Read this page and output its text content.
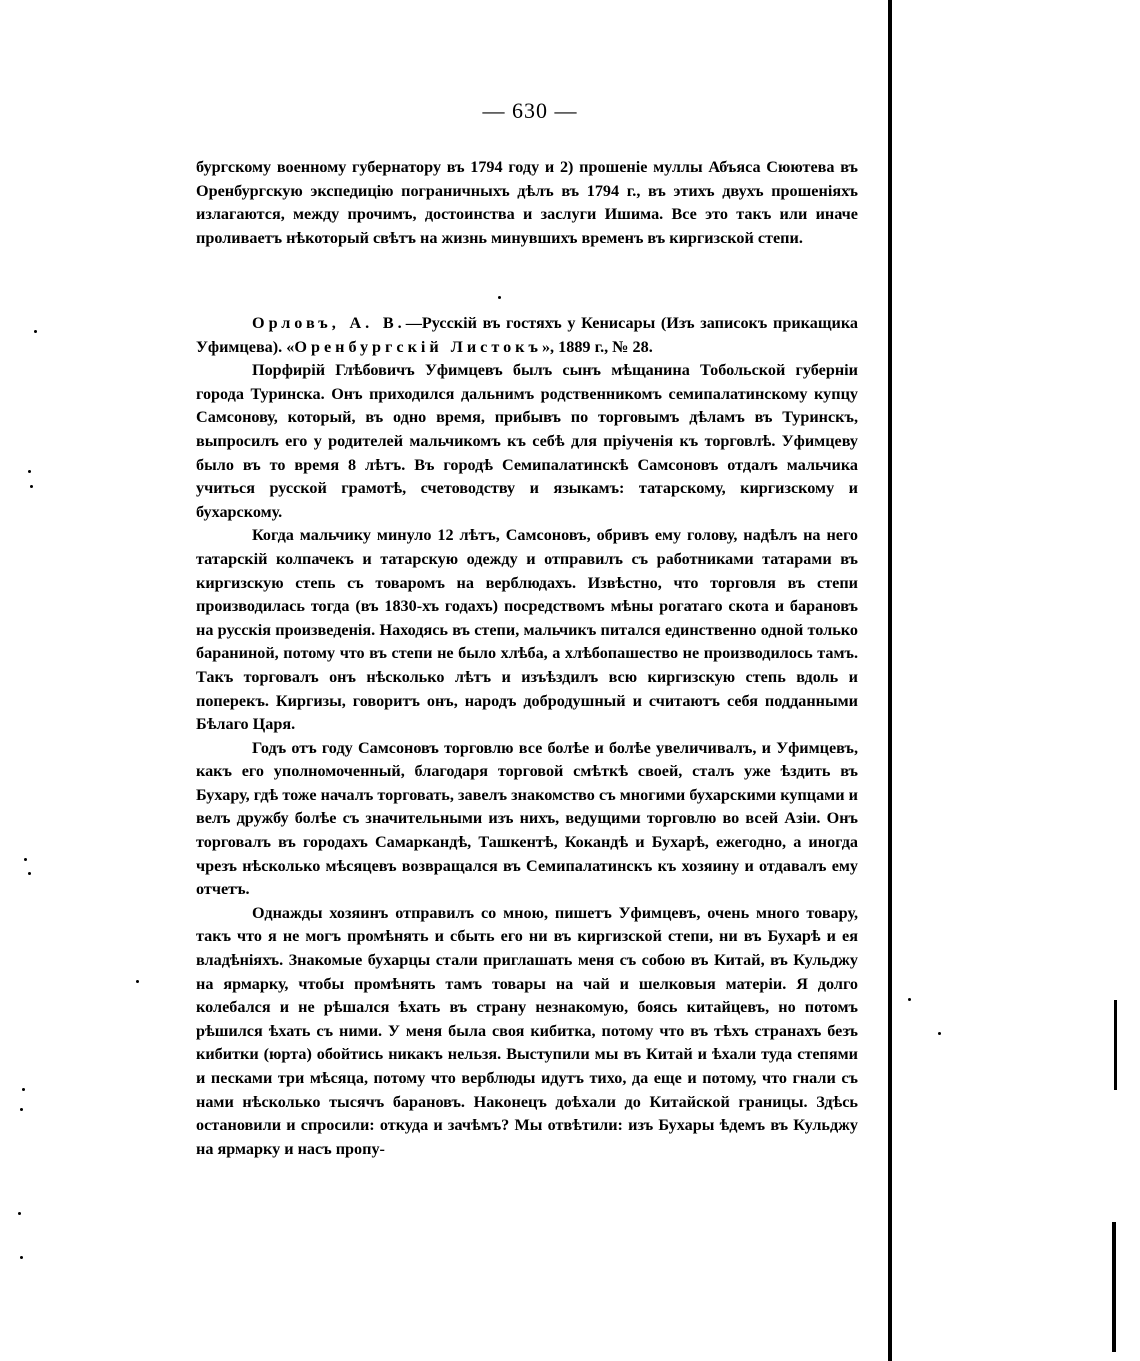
— 630 —

бургскому военному губернатору въ 1794 году и 2) прошеніе муллы Абъяса Сюютева въ Оренбургскую экспедицію пограничныхъ дѣлъ въ 1794 г., въ этихъ двухъ прошеніяхъ излагаются, между прочимъ, достоинства и заслуги Ишима. Все это такъ или иначе проливаетъ нѣкоторый свѣтъ на жизнь минувшихъ временъ въ киргизской степи.

Орловъ, А. В.—Русскій въ гостяхъ у Кенисары (Изъ записокъ прикащика Уфимцева). «Оренбургскій Листокъ», 1889 г., № 28.

Порфирій Глѣбовичъ Уфимцевъ былъ сынъ мѣщанина Тобольской губерніи города Туринска. Онъ приходился дальнимъ родственникомъ семипалатинскому купцу Самсонову, который, въ одно время, прибывъ по торговымъ дѣламъ въ Туринскъ, выпросилъ его у родителей мальчикомъ къ себѣ для пріученія къ торговлѣ. Уфимцеву было въ то время 8 лѣтъ. Въ городѣ Семипалатинскѣ Самсоновъ отдалъ мальчика учиться русской грамотѣ, счетоводству и языкамъ: татарскому, киргизскому и бухарскому.

Когда мальчику минуло 12 лѣтъ, Самсоновъ, обривъ ему голову, надѣлъ на него татарскій колпачекъ и татарскую одежду и отправилъ съ работниками татарами въ киргизскую степь съ товаромъ на верблюдахъ. Извѣстно, что торговля въ степи производилась тогда (въ 1830-хъ годахъ) посредствомъ мѣны рогатаго скота и барановъ на русскія произведенія. Находясь въ степи, мальчикъ питался единственно одной только бараниной, потому что въ степи не было хлѣба, а хлѣбопашество не производилось тамъ. Такъ торговалъ онъ нѣсколько лѣтъ и изъѣздилъ всю киргизскую степь вдоль и поперекъ. Киргизы, говоритъ онъ, народъ добродушный и считаютъ себя подданными Бѣлаго Царя.

Годъ отъ году Самсоновъ торговлю все болѣе и болѣе увеличивалъ, и Уфимцевъ, какъ его уполномоченный, благодаря торговой смѣткѣ своей, сталъ уже ѣздить въ Бухару, гдѣ тоже началъ торговать, завелъ знакомство съ многими бухарскими купцами и велъ дружбу болѣе съ значительными изъ нихъ, ведущими торговлю во всей Азіи. Онъ торговалъ въ городахъ Самаркандѣ, Ташкентѣ, Кокандѣ и Бухарѣ, ежегодно, а иногда чрезъ нѣсколько мѣсяцевъ возвращался въ Семипалатинскъ къ хозяину и отдавалъ ему отчетъ.

Однажды хозяинъ отправилъ со мною, пишетъ Уфимцевъ, очень много товару, такъ что я не могъ промѣнять и сбыть его ни въ киргизской степи, ни въ Бухарѣ и ея владѣніяхъ. Знакомые бухарцы стали приглашать меня съ собою въ Китай, въ Кульджу на ярмарку, чтобы промѣнять тамъ товары на чай и шелковыя матеріи. Я долго колебался и не рѣшался ѣхать въ страну незнакомую, боясь китайцевъ, но потомъ рѣшился ѣхать съ ними. У меня была своя кибитка, потому что въ тѣхъ странахъ безъ кибитки (юрта) обойтись никакъ нельзя. Выступили мы въ Китай и ѣхали туда степями и песками три мѣсяца, потому что верблюды идутъ тихо, да еще и потому, что гнали съ нами нѣсколько тысячъ барановъ. Наконецъ доѣхали до Китайской границы. Здѣсь остановили и спросили: откуда и зачѣмъ? Мы отвѣтили: изъ Бухары ѣдемъ въ Кульджу на ярмарку и насъ пропу-
